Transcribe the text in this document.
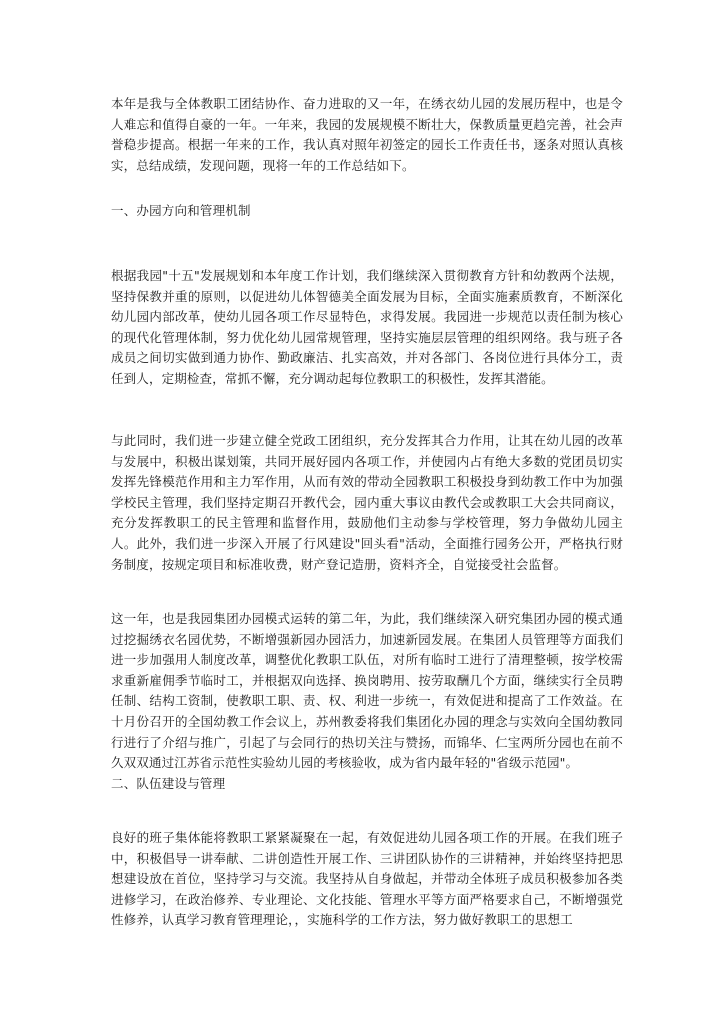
本年是我与全体教职工团结协作、奋力进取的又一年，在绣衣幼儿园的发展历程中，也是令人难忘和值得自豪的一年。一年来，我园的发展规模不断壮大，保教质量更趋完善，社会声誉稳步提高。根据一年来的工作，我认真对照年初签定的园长工作责任书，逐条对照认真核实，总结成绩，发现问题，现将一年的工作总结如下。

一、办园方向和管理机制

根据我园"十五"发展规划和本年度工作计划，我们继续深入贯彻教育方针和幼教两个法规，坚持保教并重的原则，以促进幼儿体智德美全面发展为目标，全面实施素质教育，不断深化幼儿园内部改革，使幼儿园各项工作尽显特色，求得发展。我园进一步规范以责任制为核心的现代化管理体制，努力优化幼儿园常规管理，坚持实施层层管理的组织网络。我与班子各成员之间切实做到通力协作、勤政廉洁、扎实高效，并对各部门、各岗位进行具体分工，责任到人，定期检查，常抓不懈，充分调动起每位教职工的积极性，发挥其潜能。

与此同时，我们进一步建立健全党政工团组织，充分发挥其合力作用，让其在幼儿园的改革与发展中，积极出谋划策，共同开展好园内各项工作，并使园内占有绝大多数的党团员切实发挥先锋模范作用和主力军作用，从而有效的带动全园教职工积极投身到幼教工作中为加强学校民主管理，我们坚持定期召开教代会，园内重大事议由教代会或教职工大会共同商议，充分发挥教职工的民主管理和监督作用，鼓励他们主动参与学校管理，努力争做幼儿园主人。此外，我们进一步深入开展了行风建设"回头看"活动，全面推行园务公开，严格执行财务制度，按规定项目和标准收费，财产登记造册，资料齐全，自觉接受社会监督。

这一年，也是我园集团办园模式运转的第二年，为此，我们继续深入研究集团办园的模式通过挖掘绣衣名园优势，不断增强新园办园活力，加速新园发展。在集团人员管理等方面我们进一步加强用人制度改革，调整优化教职工队伍，对所有临时工进行了清理整顿，按学校需求重新雇佣季节临时工，并根据双向选择、换岗聘用、按劳取酬几个方面，继续实行全员聘任制、结构工资制，使教职工职、责、权、利进一步统一，有效促进和提高了工作效益。在十月份召开的全国幼教工作会议上，苏州教委将我们集团化办园的理念与实效向全国幼教同行进行了介绍与推广，引起了与会同行的热切关注与赞扬，而锦华、仁宝两所分园也在前不久双双通过江苏省示范性实验幼儿园的考核验收，成为省内最年轻的"省级示范园"。

二、队伍建设与管理

良好的班子集体能将教职工紧紧凝聚在一起，有效促进幼儿园各项工作的开展。在我们班子中，积极倡导一讲奉献、二讲创造性开展工作、三讲团队协作的三讲精神，并始终坚持把思想建设放在首位，坚持学习与交流。我坚持从自身做起，并带动全体班子成员积极参加各类进修学习，在政治修养、专业理论、文化技能、管理水平等方面严格要求自己，不断增强党性修养，认真学习教育管理理论，，实施科学的工作方法，努力做好教职工的思想工
